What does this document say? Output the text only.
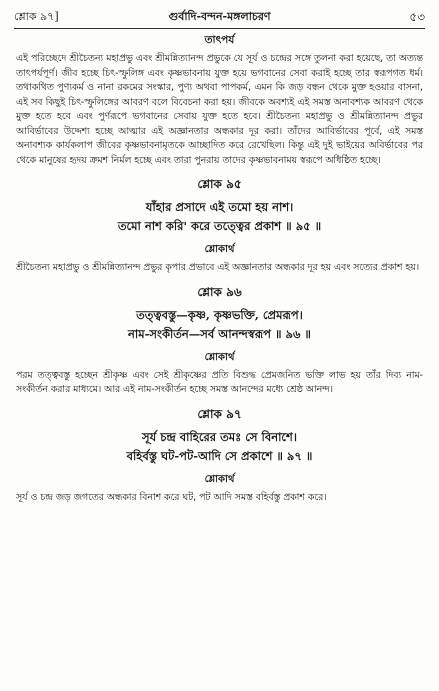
শ্লোক ৯৭]	গুর্বাদি-বন্দন-মঙ্গলাচরণ	৫৩
তাৎপর্য

এই পরিচ্ছেদে শ্রীচৈতন্য মহাপ্রভু এবং শ্রীমন্নিত্যানন্দ প্রভুকে যে সূর্য ও চন্দ্রের সঙ্গে তুলনা করা হয়েছে, তা অত্যন্ত তাৎপর্যপূর্ণ। জীব হচ্ছে চিৎ-স্ফুলিঙ্গ এবং কৃষ্ণভাবনায় যুক্ত হয়ে ভগবানের সেবা করাই হচ্ছে তার স্বরূপগত ধর্ম। তথাকথিত পুণ্যকর্ম ও নানা রকমের সংস্কার, পুণ্য অথবা পাপকর্ম, এমন কি জড় বন্ধন থেকে মুক্ত হওয়ার বাসনা, এই সব কিছুই চিৎ-স্ফুলিঙ্গের আবরণ বলে বিবেচনা করা হয়। জীবকে অবশ্যই এই সমস্ত অনাবশ্যক আবরণ থেকে মুক্ত হতে হবে এবং পুর্ণরূপে ভগবানের সেবায় যুক্ত হতে হবে। শ্রীচৈতন্য মহাপ্রভু ও শ্রীমন্নিত্যানন্দ প্রভুর আবির্ভাবের উদ্দেশ্য হচ্ছে আত্মার এই অজ্ঞানতার অন্ধকার দূর করা। তাঁদের আবির্ভাবের পূর্বে, এই সমস্ত অনাবশ্যক কার্যকলাপ জীবের কৃষ্ণভাবনামৃতকে আচ্ছাদিত করে রেখেছিল। কিন্তু এই দুই ভাইয়ের অবির্ভাবের পর থেকে মানুষের হৃদয় ক্রমশ নির্মল হচ্ছে এবং তারা পুনরায় তাদের কৃষ্ণভাবনাময় স্বরূপে অধিষ্ঠিত হচ্ছে।

শ্লোক ৯৫

যাঁহার প্রসাদে এই তমো হয় নাশ।

তমো নাশ করি' করে তত্ত্বের প্রকাশ ॥ ৯৫ ॥

শ্লোকার্থ

শ্রীচৈতন্য মহাপ্রভু ও শ্রীমন্নিত্যানন্দ প্রভুর কৃপার প্রভাবে এই অজ্ঞানতার অন্ধকার দূর হয় এবং সত্যের প্রকাশ হয়।

শ্লোক ৯৬

তত্ত্ববস্তু—কৃষ্ণ, কৃষ্ণভক্তি, প্রেমরূপ।

নাম-সংকীর্তন—সর্ব আনন্দস্বরূপ ॥ ৯৬ ॥

শ্লোকার্থ

পরম তত্ত্ববস্তু হচ্ছেন শ্রীকৃষ্ণ এবং সেই শ্রীকৃষ্ণের প্রতি বিশুদ্ধ প্রেমজনিত ভক্তি লাভ হয় তাঁর দিব্য নাম-সংকীর্তন করার মাধ্যমে। আর এই নাম-সংকীর্তন হচ্ছে সমস্ত আনন্দের মধ্যে শ্রেষ্ঠ আনন্দ।

শ্লোক ৯৭

সূর্য চন্দ্র বাহিরের তমঃ সে বিনাশে।

বহির্বস্তু ঘট-পট-আদি সে প্রকাশে ॥ ৯৭ ॥

শ্লোকার্থ

সূর্য ও চন্দ্র জড় জগতের অন্ধকার বিনাশ করে ঘট, পট আদি সমস্ত বহির্বস্তু প্রকাশ করে।
